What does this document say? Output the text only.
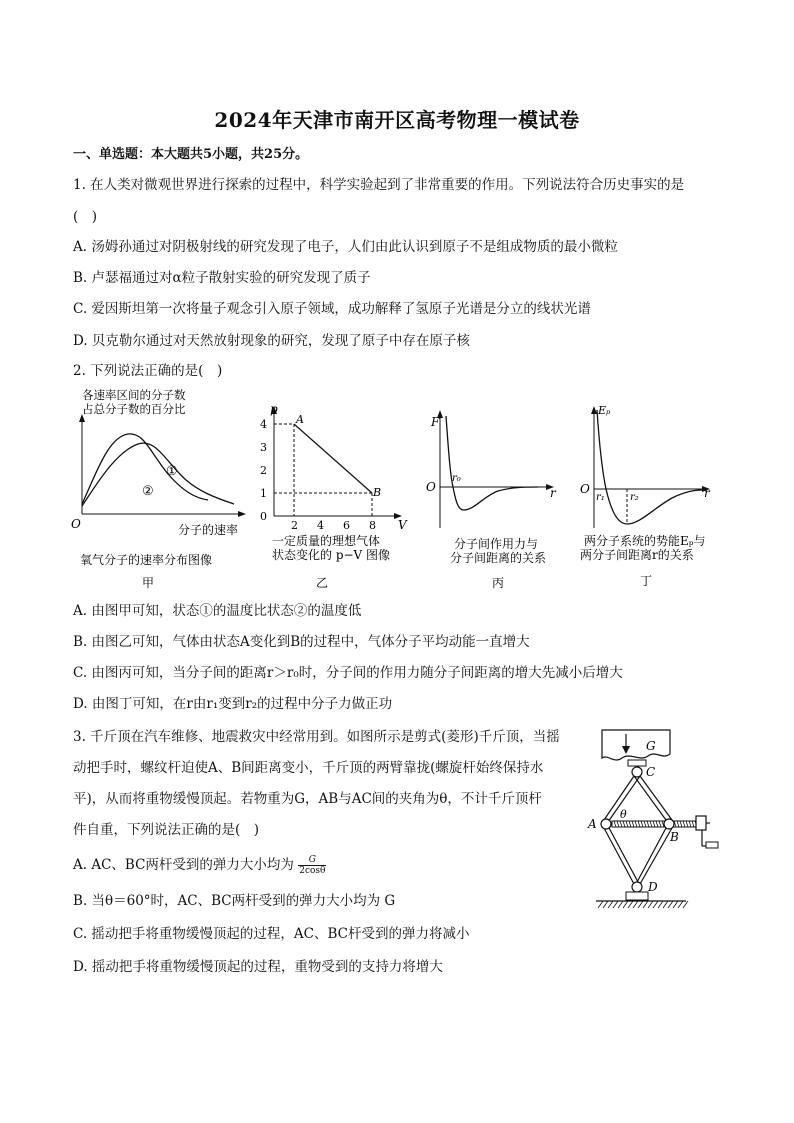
2024年天津市南开区高考物理一模试卷
一、单选题：本大题共5小题，共25分。
1. 在人类对微观世界进行探索的过程中，科学实验起到了非常重要的作用。下列说法符合历史事实的是
(　)
A. 汤姆孙通过对阴极射线的研究发现了电子，人们由此认识到原子不是组成物质的最小微粒
B. 卢瑟福通过对α粒子散射实验的研究发现了质子
C. 爱因斯坦第一次将量子观念引入原子领域，成功解释了氢原子光谱是分立的线状光谱
D. 贝克勒尔通过对天然放射现象的研究，发现了原子中存在原子核
2. 下列说法正确的是(　)
各速率区间的分子数
占总分子数的百分比
O	分子的速率
①
②
氧气分子的速率分布图像
甲
p
V
0
1
2
3
4
2 4 6 8
A
B
一定质量的理想气体
状态变化的 p−V 图像
乙
F
r
O
r₀
分子间作用力与
分子间距离的关系
丙
Eₚ
r
O
r₁	r₂
两分子系统的势能Eₚ与
两分子间距离r的关系
丁
A. 由图甲可知，状态①的温度比状态②的温度低
B. 由图乙可知，气体由状态A变化到B的过程中，气体分子平均动能一直增大
C. 由图丙可知，当分子间的距离r＞r₀时，分子间的作用力随分子间距离的增大先减小后增大
D. 由图丁可知，在r由r₁变到r₂的过程中分子力做正功
3. 千斤顶在汽车维修、地震救灾中经常用到。如图所示是剪式(菱形)千斤顶，当摇
动把手时，螺纹杆迫使A、B间距离变小，千斤顶的两臂靠拢(螺旋杆始终保持水
平)，从而将重物缓慢顶起。若物重为G，AB与AC间的夹角为θ，不计千斤顶杆
件自重，下列说法正确的是(　)
A. AC、BC两杆受到的弹力大小均为 $\frac{G}{2\cos\theta}$
B. 当θ＝60°时，AC、BC两杆受到的弹力大小均为 G
C. 摇动把手将重物缓慢顶起的过程，AC、BC杆受到的弹力将减小
D. 摇动把手将重物缓慢顶起的过程，重物受到的支持力将增大
G
C
A
θ
B
D
